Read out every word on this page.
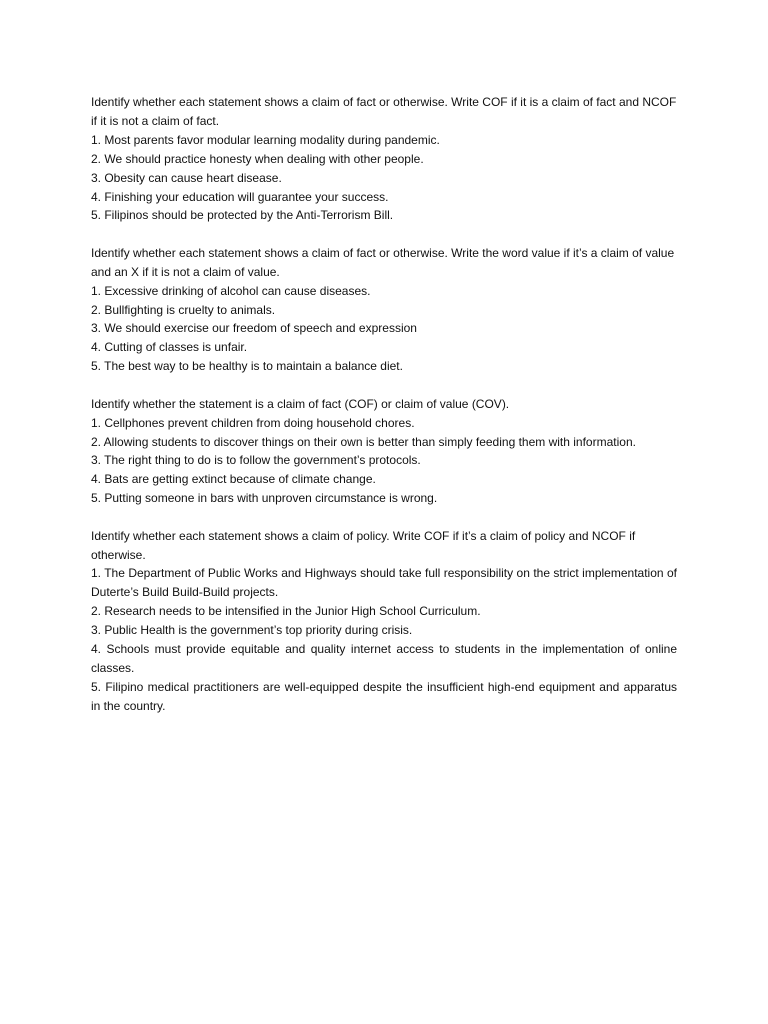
Identify whether each statement shows a claim of fact or otherwise. Write COF if it is a claim of fact and NCOF if it is not a claim of fact.

1. Most parents favor modular learning modality during pandemic.

2. We should practice honesty when dealing with other people.

3. Obesity can cause heart disease.

4. Finishing your education will guarantee your success.

5. Filipinos should be protected by the Anti-Terrorism Bill.

Identify whether each statement shows a claim of fact or otherwise. Write the word value if it’s a claim of value and an X if it is not a claim of value.

1. Excessive drinking of alcohol can cause diseases.

2. Bullfighting is cruelty to animals.

3. We should exercise our freedom of speech and expression

4. Cutting of classes is unfair.

5. The best way to be healthy is to maintain a balance diet.

Identify whether the statement is a claim of fact (COF) or claim of value (COV).

1. Cellphones prevent children from doing household chores.

2. Allowing students to discover things on their own is better than simply feeding them with information.

3. The right thing to do is to follow the government’s protocols.

4. Bats are getting extinct because of climate change.

5. Putting someone in bars with unproven circumstance is wrong.

Identify whether each statement shows a claim of policy. Write COF if it’s a claim of policy and NCOF if otherwise.

1. The Department of Public Works and Highways should take full responsibility on the strict implementation of Duterte’s Build Build-Build projects.

2. Research needs to be intensified in the Junior High School Curriculum.

3. Public Health is the government’s top priority during crisis.

4. Schools must provide equitable and quality internet access to students in the implementation of online classes.

5. Filipino medical practitioners are well-equipped despite the insufficient high-end equipment and apparatus in the country.
